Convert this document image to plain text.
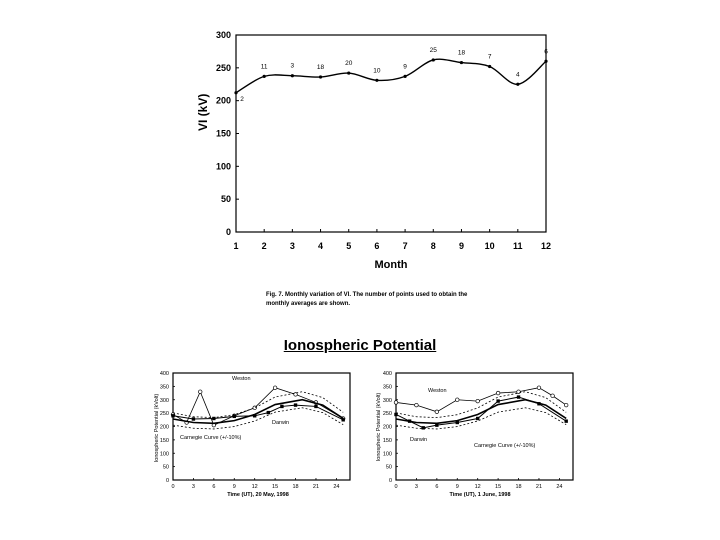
VI (kV)
Month
0
50
100
150
200
250
300
1	2	3	4	5	6	7	8	9 10 11 12
2
11	3	18
20
10
9
25	18
7
4
6
Fig. 7. Monthly variation of VI. The number of points used to obtain the
monthly averages are shown.
Ionospheric Potential (kVolt)
Time (UT), 20 May, 1998
0
50
100
150
200
250
300
350
400
0	3	6	9	12	15	18	21	24
Weston
Darwin
Carnegie Curve (+/-10%)	Ionospheric Potential (kVolt)
Time (UT), 1 June, 1998
0
50
100
150
200
250
300
350
400
0	3	6	9	12	15	18	21	24
Weston
Darwin
Carnegie Curve (+/-10%)
Ionospheric Potential
